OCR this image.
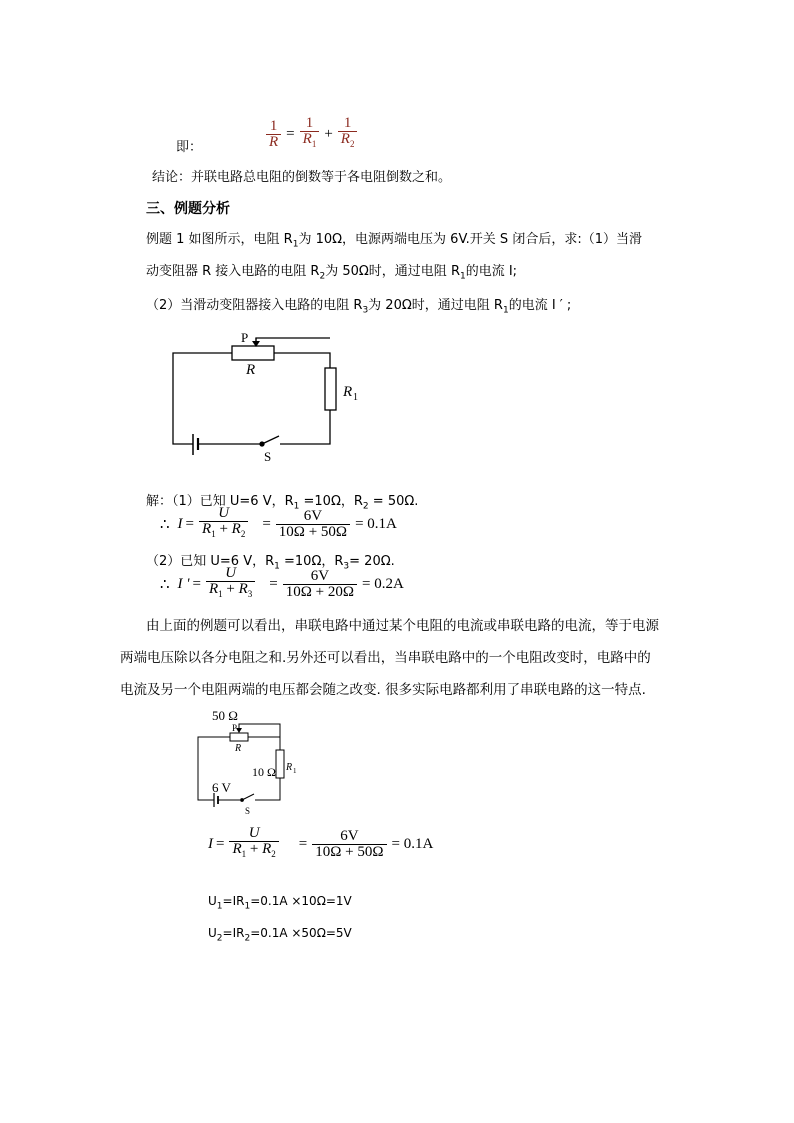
即：	$\frac{1}{R} = \frac{1}{R_1} + \frac{1}{R_2}$
结论：并联电路总电阻的倒数等于各电阻倒数之和。
三、例题分析
例题 1 如图所示，电阻 $R_1$为 10Ω，电源两端电压为 6V.开关 S 闭合后，求:（1）当滑
动变阻器 R 接入电路的电阻 $R_2$为 50Ω时，通过电阻 $R_1$的电流 I;
（2）当滑动变阻器接入电路的电阻 $R_3$为 20Ω时，通过电阻 $R_1$的电流 I ′ ;
P
R
R 1
S
解：（1）已知 U=6 V，$R_1 =10\Omega$，$R_2 = 50\Omega$.
∴ $I = \frac{U}{R_1 + R_2} = \frac{6V}{10\Omega + 50\Omega} = 0.1A$
（2）已知 U=6 V，$R_1 =10\Omega$，$R_3= 20\Omega$.
∴ I ' = $\frac{U}{R_1 + R_3} = \frac{6V}{10\Omega + 20\Omega} = 0.2A$
由上面的例题可以看出，串联电路中通过某个电阻的电流或串联电路的电流，等于电源
两端电压除以各分电阻之和.另外还可以看出，当串联电路中的一个电阻改变时，电路中的
电流及另一个电阻两端的电压都会随之改变. 很多实际电路都利用了串联电路的这一特点.
50 Ω
P
R
10 Ω R 1
6 V
S
$I = \frac{U}{R_1 + R_2} = \frac{6V}{10\Omega + 50\Omega} = 0.1A$
$U_1=IR_1=0.1A \times 10\Omega=1V$
$U_2=IR_2=0.1A \times 50\Omega=5V$
